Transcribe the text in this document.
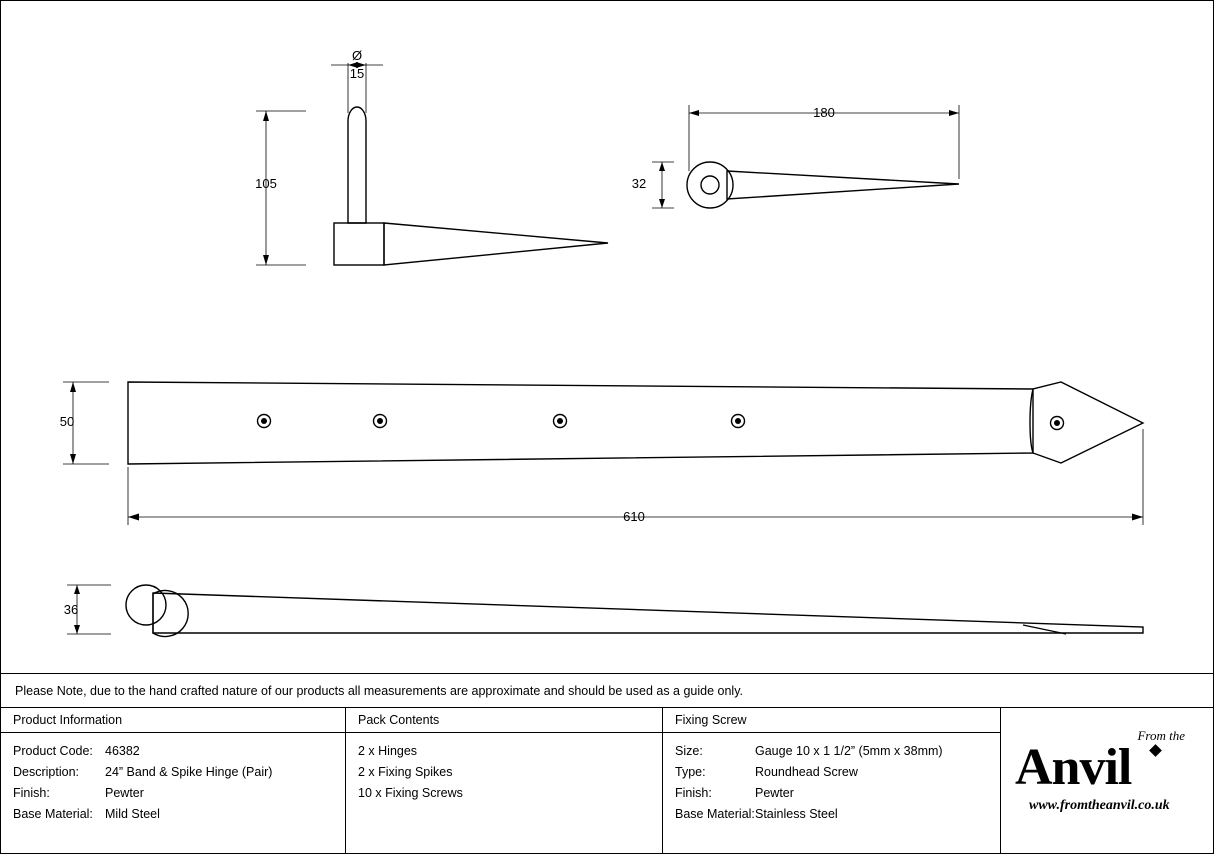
Ø
15
105
180
32
50
610
36
Please Note, due to the hand crafted nature of our products all measurements are approximate and should be used as a guide only.
Product Information
Product Code: 46382
Description:	24” Band & Spike Hinge (Pair)
Finish:	Pewter
Base Material: Mild Steel
Pack Contents
2 x Hinges
2 x Fixing Spikes
10 x Fixing Screws
Fixing Screw
Size:	Gauge 10 x 1 1/2” (5mm x 38mm)
Type:	Roundhead Screw
Finish:	Pewter
Base Material: Stainless Steel
From the
Anvil
www.fromtheanvil.co.uk
